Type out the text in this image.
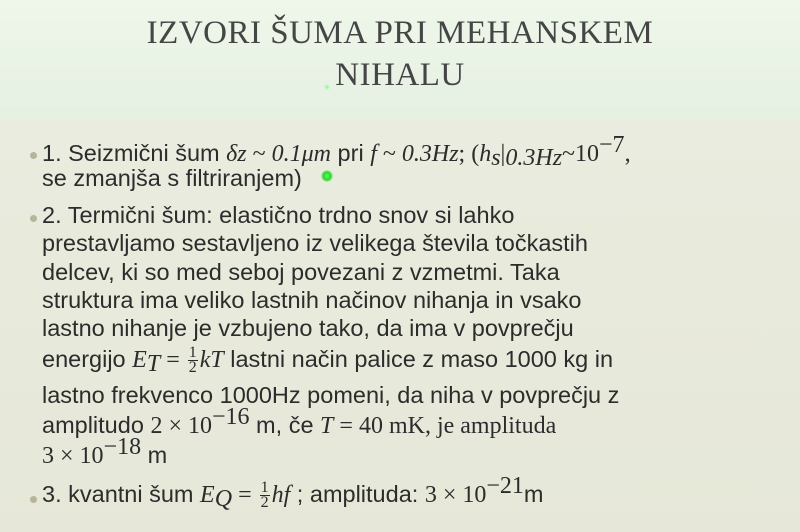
IZVORI ŠUMA PRI MEHANSKEM
NIHALU
1. Seizmični šum δz ~ 0.1μm pri f ~ 0.3Hz; ($h_s|_{0.3Hz}\sim 10^{-7}$,
se zmanjša s filtriranjem)
2. Termični šum: elastično trdno snov si lahko
prestavljamo sestavljeno iz velikega števila točkastih
delcev, ki so med seboj povezani z vzmetmi. Taka
struktura ima veliko lastnih načinov nihanja in vsako
lastno nihanje je vzbujeno tako, da ima v povprečju
energijo $E_T = \frac{1}{2}$ kT lastni način palice z maso 1000 kg in
lastno frekvenco 1000Hz pomeni, da niha v povprečju z
amplitudo $2 \times 10^{-16}$ m, če T = 40 mK, je amplituda
$3 \times 10^{-18}$ m
3. kvantni šum $E_Q = \frac{1}{2}$ hf ; amplituda: $3 \times 10^{-21}m$
